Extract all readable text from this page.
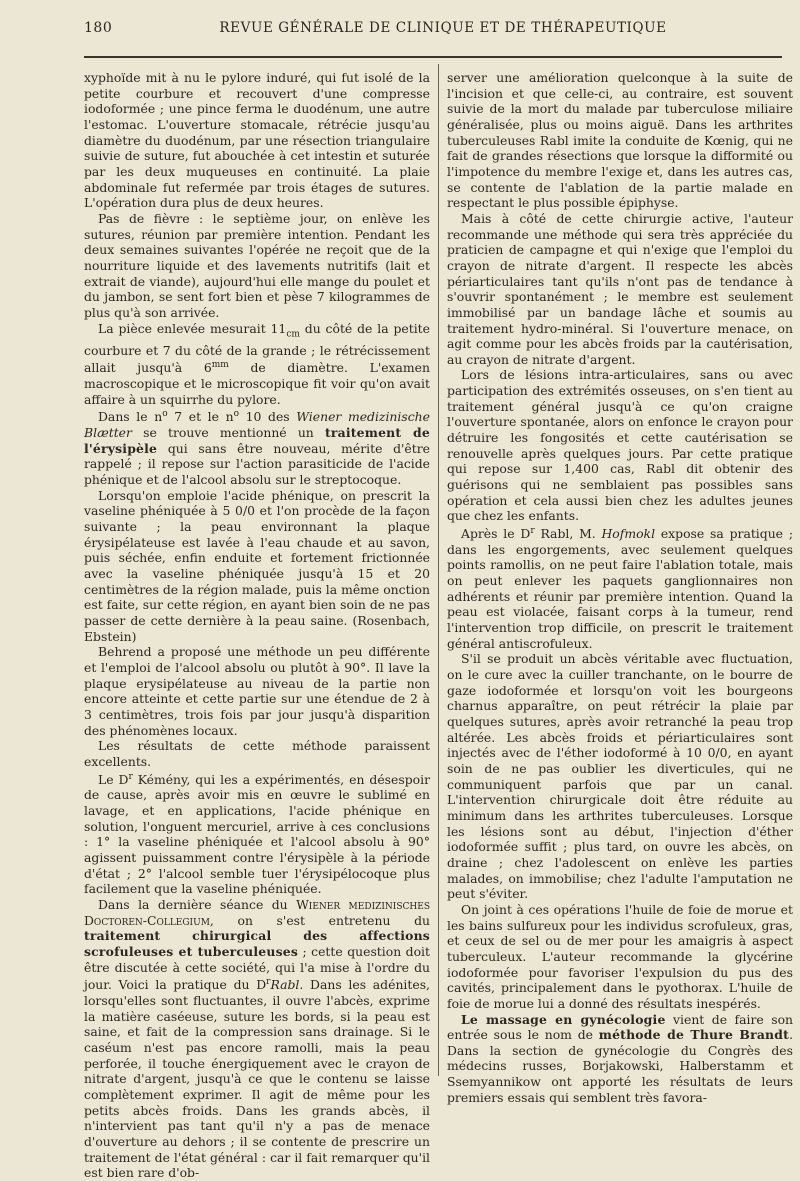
180	REVUE GÉNÉRALE DE CLINIQUE ET DE THÉRAPEUTIQUE

xyphoïde mit à nu le pylore induré, qui fut isolé de la petite courbure et recouvert d'une compresse iodoformée ; une pince ferma le duodénum, une autre l'estomac. L'ouverture stomacale, rétrécie jusqu'au diamètre du duodénum, par une résection triangulaire suivie de suture, fut abouchée à cet intestin et suturée par les deux muqueuses en continuité. La plaie abdominale fut refermée par trois étages de sutures. L'opération dura plus de deux heures.

Pas de fièvre : le septième jour, on enlève les sutures, réunion par première intention. Pendant les deux semaines suivantes l'opérée ne reçoit que de la nourriture liquide et des lavements nutritifs (lait et extrait de viande), aujourd'hui elle mange du poulet et du jambon, se sent fort bien et pèse 7 kilogrammes de plus qu'à son arrivée.

La pièce enlevée mesurait $11_{cm}$ du côté de la petite courbure et 7 du côté de la grande ; le rétrécissement allait jusqu'à $6^{mm}$ de diamètre. L'examen macroscopique et le microscopique fit voir qu'on avait affaire à un squirrhe du pylore.

Dans le $n^o$ 7 et le $n^o$ 10 des Wiener medizinische Blætter se trouve mentionné un traitement de l'érysipèle qui sans être nouveau, mérite d'être rappelé ; il repose sur l'action parasiticide de l'acide phénique et de l'alcool absolu sur le streptocoque.

Lorsqu'on emploie l'acide phénique, on prescrit la vaseline phéniquée à 5 0/0 et l'on procède de la façon suivante ; la peau environnant la plaque érysipélateuse est lavée à l'eau chaude et au savon, puis séchée, enfin enduite et fortement frictionnée avec la vaseline phéniquée jusqu'à 15 et 20 centimètres de la région malade, puis la même onction est faite, sur cette région, en ayant bien soin de ne pas passer de cette dernière à la peau saine. (Rosenbach, Ebstein)

Behrend a proposé une méthode un peu différente et l'emploi de l'alcool absolu ou plutôt à 90°. Il lave la plaque erysipélateuse au niveau de la partie non encore atteinte et cette partie sur une étendue de 2 à 3 centimètres, trois fois par jour jusqu'à disparition des phénomènes locaux.

Les résultats de cette méthode paraissent excellents.

Le $D^r$ Kémény, qui les a expérimentés, en désespoir de cause, après avoir mis en œuvre le sublimé en lavage, et en applications, l'acide phénique en solution, l'onguent mercuriel, arrive à ces conclusions : 1° la vaseline phéniquée et l'alcool absolu à 90° agissent puissamment contre l'érysipèle à la période d'état ; 2° l'alcool semble tuer l'érysipélocoque plus facilement que la vaseline phéniquée.

Dans la dernière séance du Wiener medizinisches Doctoren-Collegium, on s'est entretenu du traitement chirurgical des affections scrofuleuses et tuberculeuses ; cette question doit être discutée à cette société, qui l'a mise à l'ordre du jour. Voici la pratique du $D^rRabl$. Dans les adénites, lorsqu'elles sont fluctuantes, il ouvre l'abcès, exprime la matière caséeuse, suture les bords, si la peau est saine, et fait de la compression sans drainage. Si le caséum n'est pas encore ramolli, mais la peau perforée, il touche énergiquement avec le crayon de nitrate d'argent, jusqu'à ce que le contenu se laisse complètement exprimer. Il agit de même pour les petits abcès froids. Dans les grands abcès, il n'intervient pas tant qu'il n'y a pas de menace d'ouverture au dehors ; il se contente de prescrire un traitement de l'état général : car il fait remarquer qu'il est bien rare d'ob-

server une amélioration quelconque à la suite de l'incision et que celle-ci, au contraire, est souvent suivie de la mort du malade par tuberculose miliaire généralisée, plus ou moins aiguë. Dans les arthrites tuberculeuses Rabl imite la conduite de Kœnig, qui ne fait de grandes résections que lorsque la difformité ou l'impotence du membre l'exige et, dans les autres cas, se contente de l'ablation de la partie malade en respectant le plus possible épiphyse.

Mais à côté de cette chirurgie active, l'auteur recommande une méthode qui sera très appréciée du praticien de campagne et qui n'exige que l'emploi du crayon de nitrate d'argent. Il respecte les abcès périarticulaires tant qu'ils n'ont pas de tendance à s'ouvrir spontanément ; le membre est seulement immobilisé par un bandage lâche et soumis au traitement hydro-minéral. Si l'ouverture menace, on agit comme pour les abcès froids par la cautérisation, au crayon de nitrate d'argent.

Lors de lésions intra-articulaires, sans ou avec participation des extrémités osseuses, on s'en tient au traitement général jusqu'à ce qu'on craigne l'ouverture spontanée, alors on enfonce le crayon pour détruire les fongosités et cette cautérisation se renouvelle après quelques jours. Par cette pratique qui repose sur 1,400 cas, Rabl dit obtenir des guérisons qui ne semblaient pas possibles sans opération et cela aussi bien chez les adultes jeunes que chez les enfants.

Après le $D^r$ Rabl, M. Hofmokl expose sa pratique ; dans les engorgements, avec seulement quelques points ramollis, on ne peut faire l'ablation totale, mais on peut enlever les paquets ganglionnaires non adhérents et réunir par première intention. Quand la peau est violacée, faisant corps à la tumeur, rend l'intervention trop difficile, on prescrit le traitement général antiscrofuleux.

S'il se produit un abcès véritable avec fluctuation, on le cure avec la cuiller tranchante, on le bourre de gaze iodoformée et lorsqu'on voit les bourgeons charnus apparaître, on peut rétrécir la plaie par quelques sutures, après avoir retranché la peau trop altérée. Les abcès froids et périarticulaires sont injectés avec de l'éther iodoformé à 10 0/0, en ayant soin de ne pas oublier les diverticules, qui ne communiquent parfois que par un canal. L'intervention chirurgicale doit être réduite au minimum dans les arthrites tuberculeuses. Lorsque les lésions sont au début, l'injection d'éther iodoformée suffit ; plus tard, on ouvre les abcès, on draine ; chez l'adolescent on enlève les parties malades, on immobilise; chez l'adulte l'amputation ne peut s'éviter.

On joint à ces opérations l'huile de foie de morue et les bains sulfureux pour les individus scrofuleux, gras, et ceux de sel ou de mer pour les amaigris à aspect tuberculeux. L'auteur recommande la glycérine iodoformée pour favoriser l'expulsion du pus des cavités, principalement dans le pyothorax. L'huile de foie de morue lui a donné des résultats inespérés.

Le massage en gynécologie vient de faire son entrée sous le nom de méthode de Thure Brandt. Dans la section de gynécologie du Congrès des médecins russes, Borjakowski, Halberstamm et Ssemyannikow ont apporté les résultats de leurs premiers essais qui semblent très favora-
